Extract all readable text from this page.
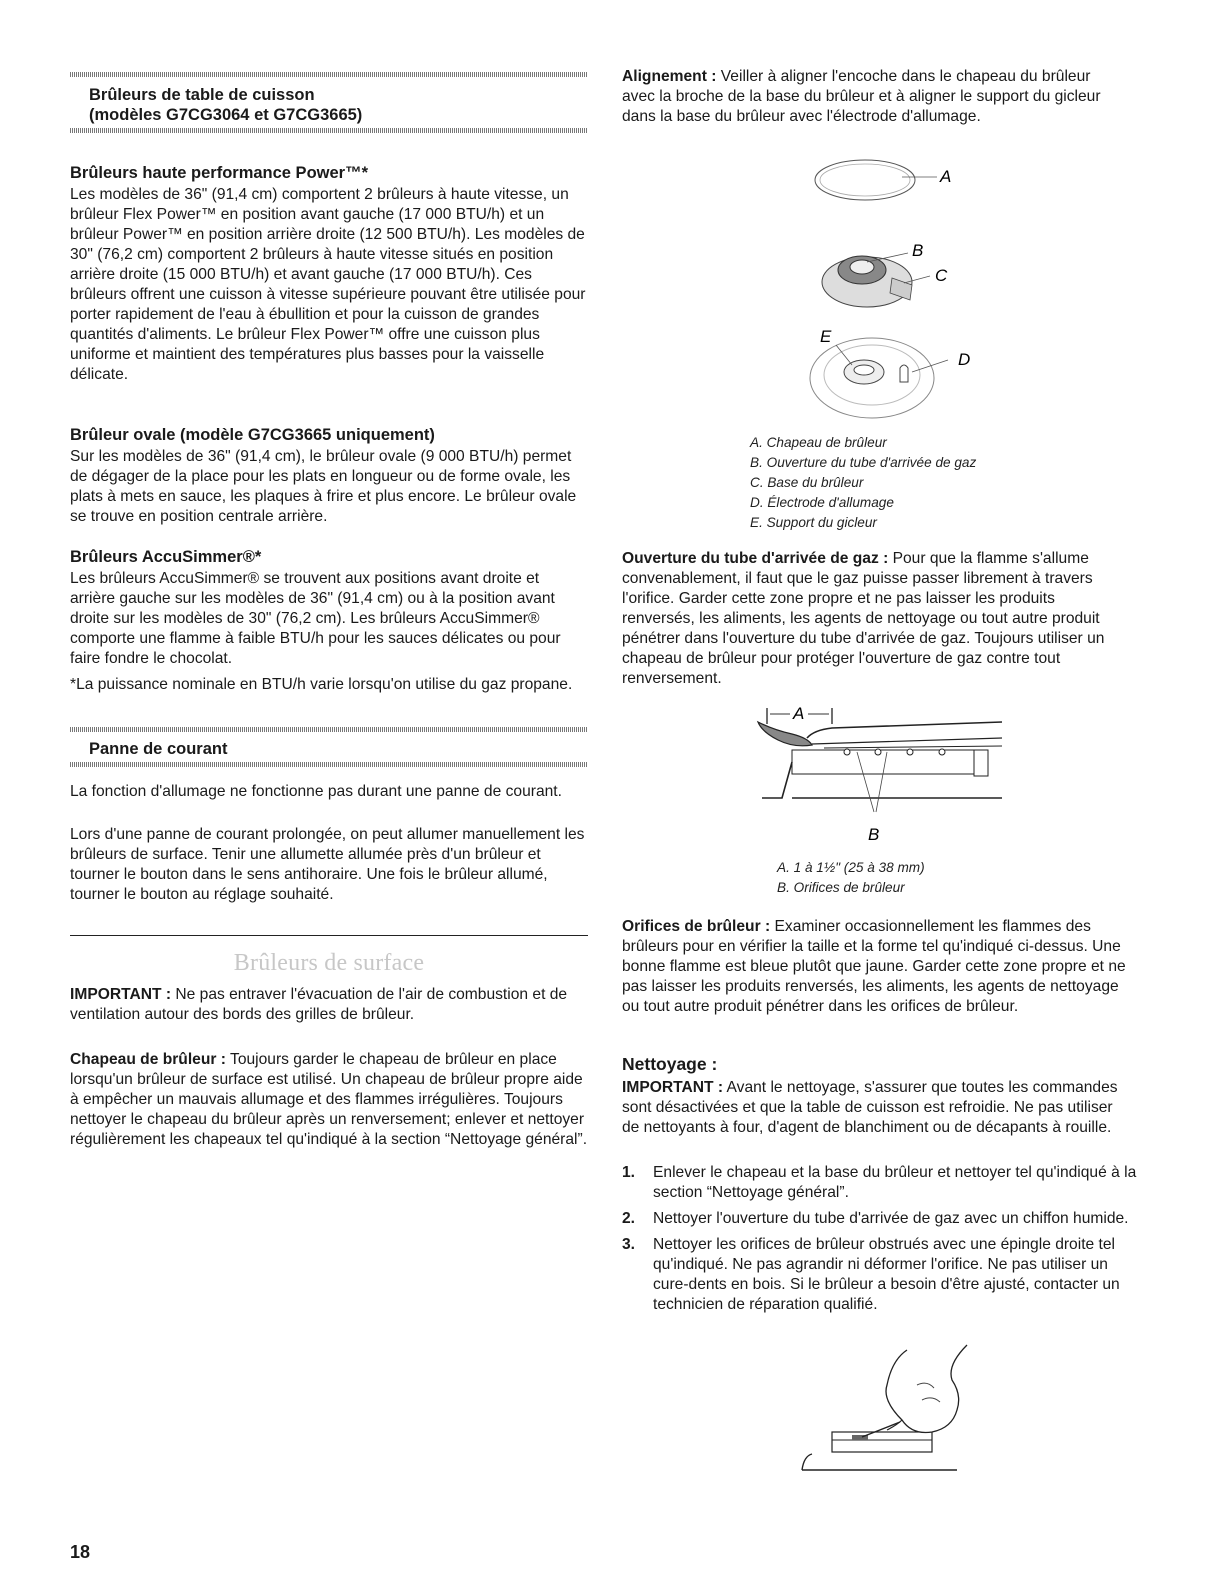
Brûleurs de table de cuisson
(modèles G7CG3064 et G7CG3665)
Brûleurs haute performance Power™*

Les modèles de 36" (91,4 cm) comportent 2 brûleurs à haute vitesse, un brûleur Flex Power™ en position avant gauche (17 000 BTU/h) et un brûleur Power™ en position arrière droite (12 500 BTU/h). Les modèles de 30" (76,2 cm) comportent 2 brûleurs à haute vitesse situés en position arrière droite (15 000 BTU/h) et avant gauche (17 000 BTU/h). Ces brûleurs offrent une cuisson à vitesse supérieure pouvant être utilisée pour porter rapidement de l'eau à ébullition et pour la cuisson de grandes quantités d'aliments. Le brûleur Flex Power™ offre une cuisson plus uniforme et maintient des températures plus basses pour la vaisselle délicate.

Brûleur ovale (modèle G7CG3665 uniquement)

Sur les modèles de 36" (91,4 cm), le brûleur ovale (9 000 BTU/h) permet de dégager de la place pour les plats en longueur ou de forme ovale, les plats à mets en sauce, les plaques à frire et plus encore. Le brûleur ovale se trouve en position centrale arrière.

Brûleurs AccuSimmer®*

Les brûleurs AccuSimmer® se trouvent aux positions avant droite et arrière gauche sur les modèles de 36" (91,4 cm) ou à la position avant droite sur les modèles de 30" (76,2 cm). Les brûleurs AccuSimmer® comporte une flamme à faible BTU/h pour les sauces délicates ou pour faire fondre le chocolat.

*La puissance nominale en BTU/h varie lorsqu'on utilise du gaz propane.

Panne de courant

La fonction d'allumage ne fonctionne pas durant une panne de courant.

Lors d'une panne de courant prolongée, on peut allumer manuellement les brûleurs de surface. Tenir une allumette allumée près d'un brûleur et tourner le bouton dans le sens antihoraire. Une fois le brûleur allumé, tourner le bouton au réglage souhaité.

Brûleurs de surface

IMPORTANT : Ne pas entraver l'évacuation de l'air de combustion et de ventilation autour des bords des grilles de brûleur.

Chapeau de brûleur : Toujours garder le chapeau de brûleur en place lorsqu'un brûleur de surface est utilisé. Un chapeau de brûleur propre aide à empêcher un mauvais allumage et des flammes irrégulières. Toujours nettoyer le chapeau du brûleur après un renversement; enlever et nettoyer régulièrement les chapeaux tel qu'indiqué à la section “Nettoyage général”.

18

Alignement : Veiller à aligner l'encoche dans le chapeau du brûleur avec la broche de la base du brûleur et à aligner le support du gicleur dans la base du brûleur avec l'électrode d'allumage.

A
B
C
E
D
A. Chapeau de brûleur
B. Ouverture du tube d'arrivée de gaz
C. Base du brûleur
D. Électrode d'allumage
E. Support du gicleur

Ouverture du tube d'arrivée de gaz : Pour que la flamme s'allume convenablement, il faut que le gaz puisse passer librement à travers l'orifice. Garder cette zone propre et ne pas laisser les produits renversés, les aliments, les agents de nettoyage ou tout autre produit pénétrer dans l'ouverture du tube d'arrivée de gaz. Toujours utiliser un chapeau de brûleur pour protéger l'ouverture de gaz contre tout renversement.

A
B
A. 1 à 1½" (25 à 38 mm)
B. Orifices de brûleur

Orifices de brûleur : Examiner occasionnellement les flammes des brûleurs pour en vérifier la taille et la forme tel qu'indiqué ci-dessus. Une bonne flamme est bleue plutôt que jaune. Garder cette zone propre et ne pas laisser les produits renversés, les aliments, les agents de nettoyage ou tout autre produit pénétrer dans les orifices de brûleur.

Nettoyage :

IMPORTANT : Avant le nettoyage, s'assurer que toutes les commandes sont désactivées et que la table de cuisson est refroidie. Ne pas utiliser de nettoyants à four, d'agent de blanchiment ou de décapants à rouille.

1. Enlever le chapeau et la base du brûleur et nettoyer tel qu'indiqué à la section “Nettoyage général”.
2. Nettoyer l'ouverture du tube d'arrivée de gaz avec un chiffon humide.
3. Nettoyer les orifices de brûleur obstrués avec une épingle droite tel qu'indiqué. Ne pas agrandir ni déformer l'orifice. Ne pas utiliser un cure-dents en bois. Si le brûleur a besoin d'être ajusté, contacter un technicien de réparation qualifié.
